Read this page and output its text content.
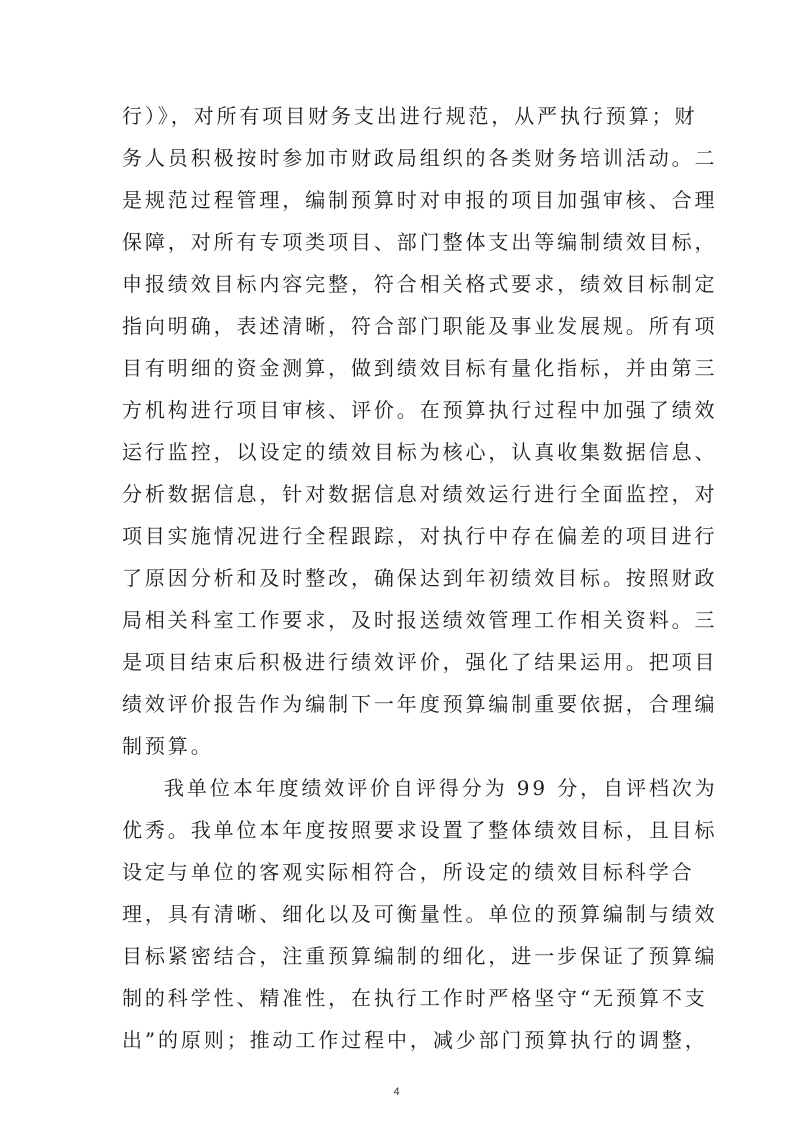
行）》，对所有项目财务支出进行规范，从严执行预算；财
务人员积极按时参加市财政局组织的各类财务培训活动。二
是规范过程管理，编制预算时对申报的项目加强审核、合理
保障，对所有专项类项目、部门整体支出等编制绩效目标，
申报绩效目标内容完整，符合相关格式要求，绩效目标制定
指向明确，表述清晰，符合部门职能及事业发展规。所有项
目有明细的资金测算，做到绩效目标有量化指标，并由第三
方机构进行项目审核、评价。在预算执行过程中加强了绩效
运行监控，以设定的绩效目标为核心，认真收集数据信息、
分析数据信息，针对数据信息对绩效运行进行全面监控，对
项目实施情况进行全程跟踪，对执行中存在偏差的项目进行
了原因分析和及时整改，确保达到年初绩效目标。按照财政
局相关科室工作要求，及时报送绩效管理工作相关资料。三
是项目结束后积极进行绩效评价，强化了结果运用。把项目
绩效评价报告作为编制下一年度预算编制重要依据，合理编
制预算。
我单位本年度绩效评价自评得分为 99 分，自评档次为
优秀。我单位本年度按照要求设置了整体绩效目标，且目标
设定与单位的客观实际相符合，所设定的绩效目标科学合
理，具有清晰、细化以及可衡量性。单位的预算编制与绩效
目标紧密结合，注重预算编制的细化，进一步保证了预算编
制的科学性、精准性，在执行工作时严格坚守“无预算不支
出”的原则；推动工作过程中，减少部门预算执行的调整，
4
